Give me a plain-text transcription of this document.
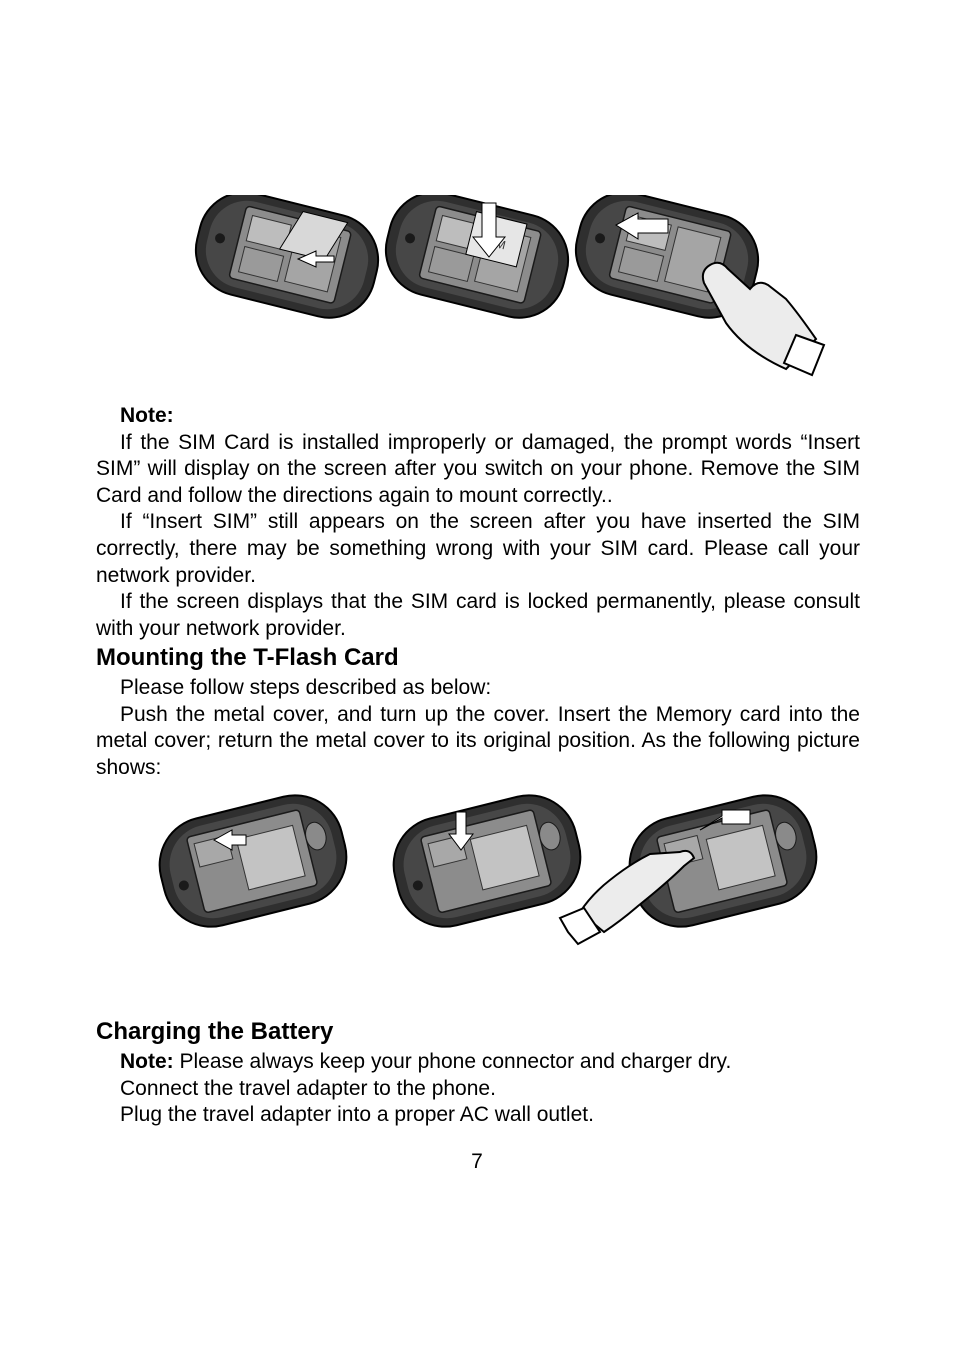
Note:

If the SIM Card is installed improperly or damaged, the prompt words “Insert SIM” will display on the screen after you switch on your phone. Remove the SIM Card and follow the directions again to mount correctly..

If “Insert SIM” still appears on the screen after you have inserted the SIM correctly, there may be something wrong with your SIM card. Please call your network provider.

If the screen displays that the SIM card is locked permanently, please consult with your network provider.

Mounting the T-Flash Card

Please follow steps described as below:

Push the metal cover, and turn up the cover. Insert the Memory card into the metal cover; return the metal cover to its original position. As the following picture shows:

Charging the Battery

Note: Please always keep your phone connector and charger dry.

Connect the travel adapter to the phone.

Plug the travel adapter into a proper AC wall outlet.

7
